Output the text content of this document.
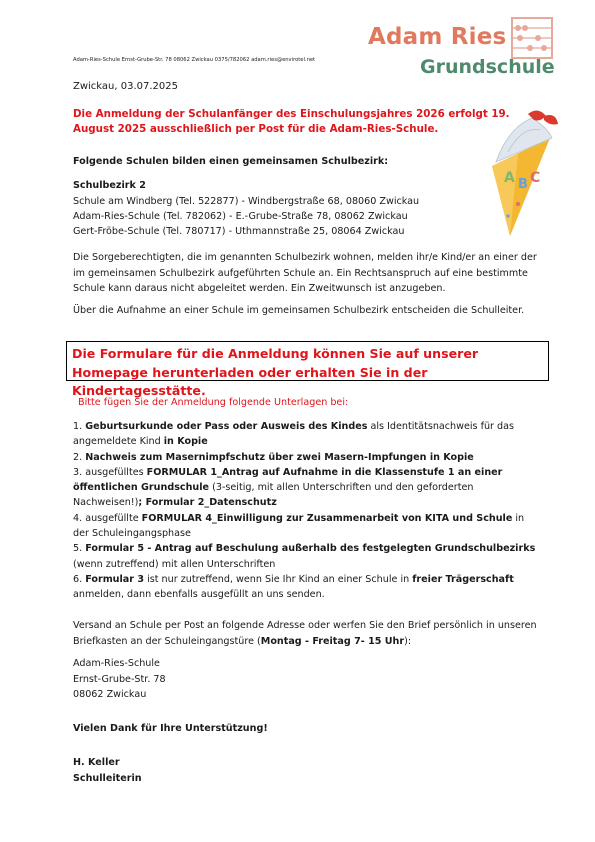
Adam-Ries-Schule Ernst-Grube-Str. 78 08062 Zwickau 0375/782062 adam.ries@envirotel.net
Adam Ries
Grundschule
A B C
Zwickau, 03.07.2025
Die Anmeldung der Schulanfänger des Einschulungsjahres 2026 erfolgt 19. August 2025 ausschließlich per Post für die Adam-Ries-Schule.
Folgende Schulen bilden einen gemeinsamen Schulbezirk:
Schulbezirk 2
Schule am Windberg (Tel. 522877) - Windbergstraße 68, 08060 Zwickau
Adam-Ries-Schule (Tel. 782062) - E.-Grube-Straße 78, 08062 Zwickau
Gert-Fröbe-Schule (Tel. 780717) - Uthmannstraße 25, 08064 Zwickau
Die Sorgeberechtigten, die im genannten Schulbezirk wohnen, melden ihr/e Kind/er an einer der im gemeinsamen Schulbezirk aufgeführten Schule an. Ein Rechtsanspruch auf eine bestimmte Schule kann daraus nicht abgeleitet werden. Ein Zweitwunsch ist anzugeben.
Über die Aufnahme an einer Schule im gemeinsamen Schulbezirk entscheiden die Schulleiter.
Die Formulare für die Anmeldung können Sie auf unserer Homepage herunterladen oder erhalten Sie in der Kindertagesstätte.
Bitte fügen Sie der Anmeldung folgende Unterlagen bei:
1. Geburtsurkunde oder Pass oder Ausweis des Kindes als Identitätsnachweis für das angemeldete Kind in Kopie
2. Nachweis zum Masernimpfschutz über zwei Masern-Impfungen in Kopie
3. ausgefülltes FORMULAR 1_Antrag auf Aufnahme in die Klassenstufe 1 an einer öffentlichen Grundschule (3-seitig, mit allen Unterschriften und den geforderten Nachweisen!); Formular 2_Datenschutz
4. ausgefüllte FORMULAR 4_Einwilligung zur Zusammenarbeit von KITA und Schule in der Schuleingangsphase
5. Formular 5 - Antrag auf Beschulung außerhalb des festgelegten Grundschulbezirks (wenn zutreffend) mit allen Unterschriften
6. Formular 3 ist nur zutreffend, wenn Sie Ihr Kind an einer Schule in freier Trägerschaft anmelden, dann ebenfalls ausgefüllt an uns senden.
Versand an Schule per Post an folgende Adresse oder werfen Sie den Brief persönlich in unseren Briefkasten an der Schuleingangstüre (Montag - Freitag 7- 15 Uhr):
Adam-Ries-Schule
Ernst-Grube-Str. 78
08062 Zwickau
Vielen Dank für Ihre Unterstützung!
H. Keller
Schulleiterin
